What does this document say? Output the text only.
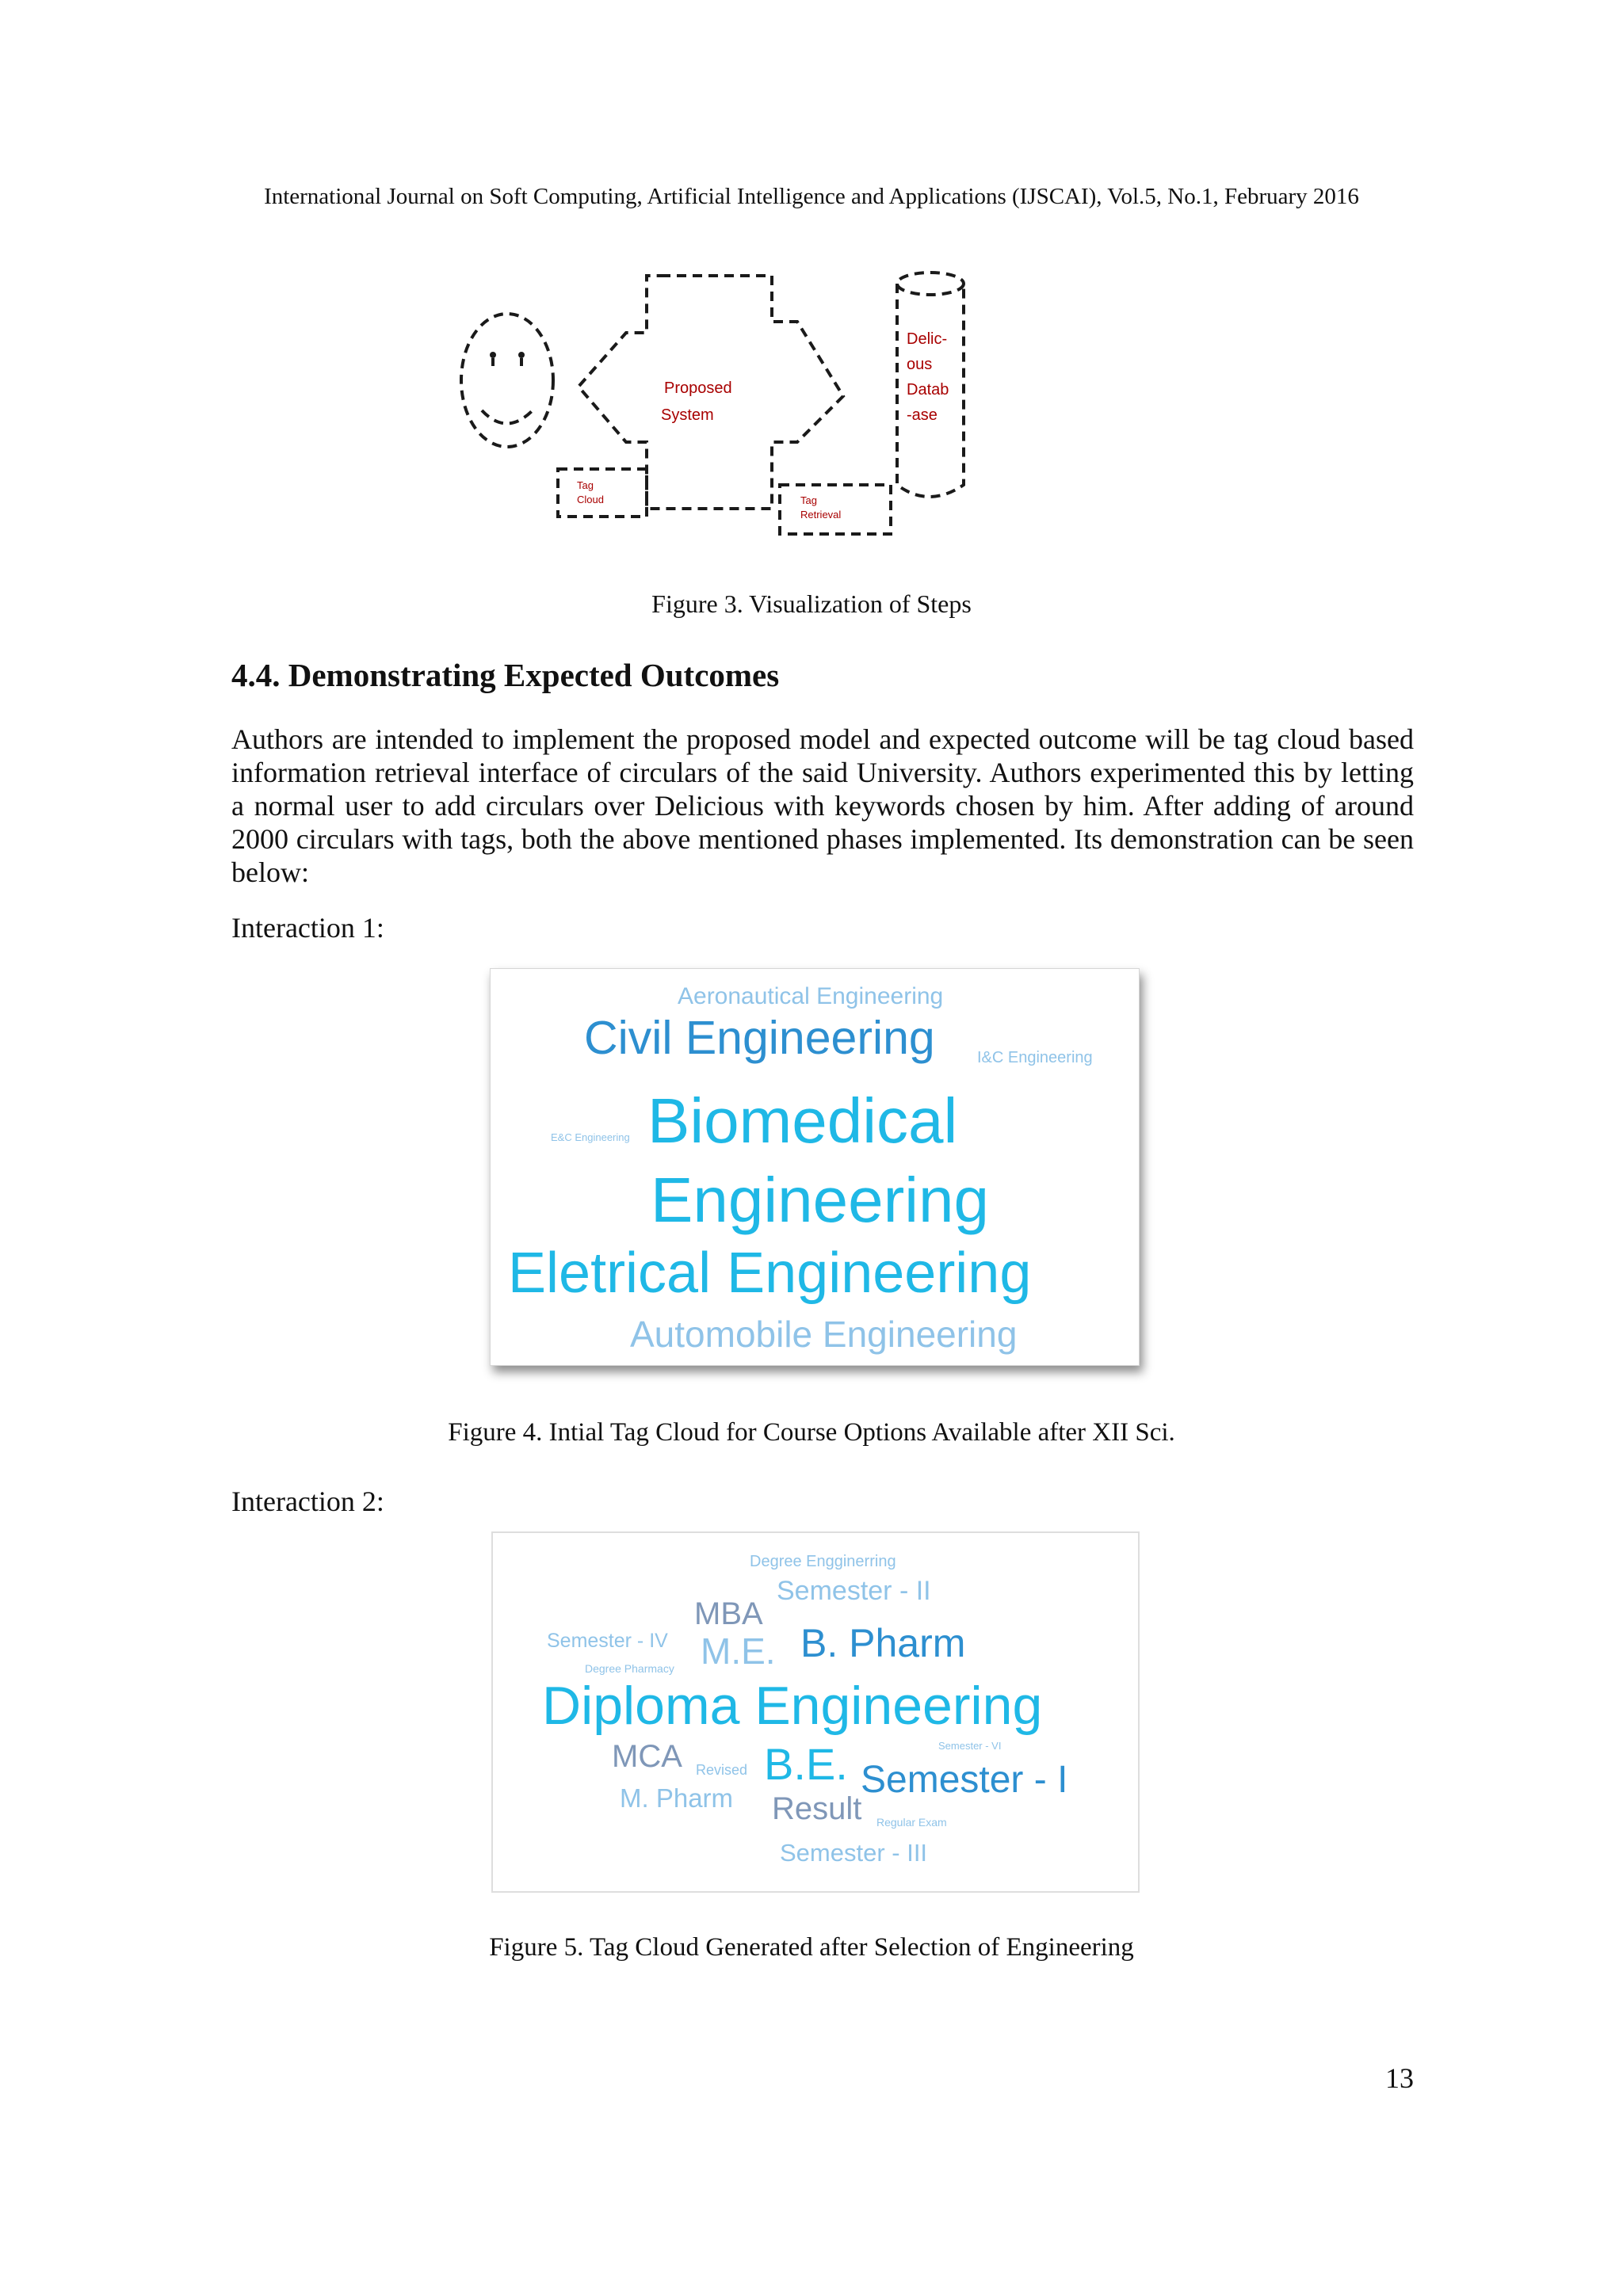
International Journal on Soft Computing, Artificial Intelligence and Applications (IJSCAI), Vol.5, No.1, February 2016
Proposed
System
Delic-
ous
Datab
-ase
Tag
Cloud	Tag
Retrieval
Figure 3. Visualization of Steps
4.4. Demonstrating Expected Outcomes
Authors are intended to implement the proposed model and expected outcome will be tag cloud based information retrieval interface of circulars of the said University. Authors experimented this by letting a normal user to add circulars over Delicious with keywords chosen by him. After adding of around 2000 circulars with tags, both the above mentioned phases implemented. Its demonstration can be seen below:
Interaction 1:
Aeronautical Engineering
Civil Engineering	I&C Engineering
E&C Engineering Biomedical
Engineering
Eletrical Engineering
Automobile Engineering
Figure 4. Intial Tag Cloud for Course Options Available after XII Sci.
Interaction 2:
Degree Engginerring
Semester - II
MBA
Semester - IV M.E. B. Pharm
Degree Pharmacy
Diploma Engineering
Semester - VI
MCA Revised B.E. Semester - I
M. Pharm Result Regular Exam
Semester - III
Figure 5. Tag Cloud Generated after Selection of Engineering
13
